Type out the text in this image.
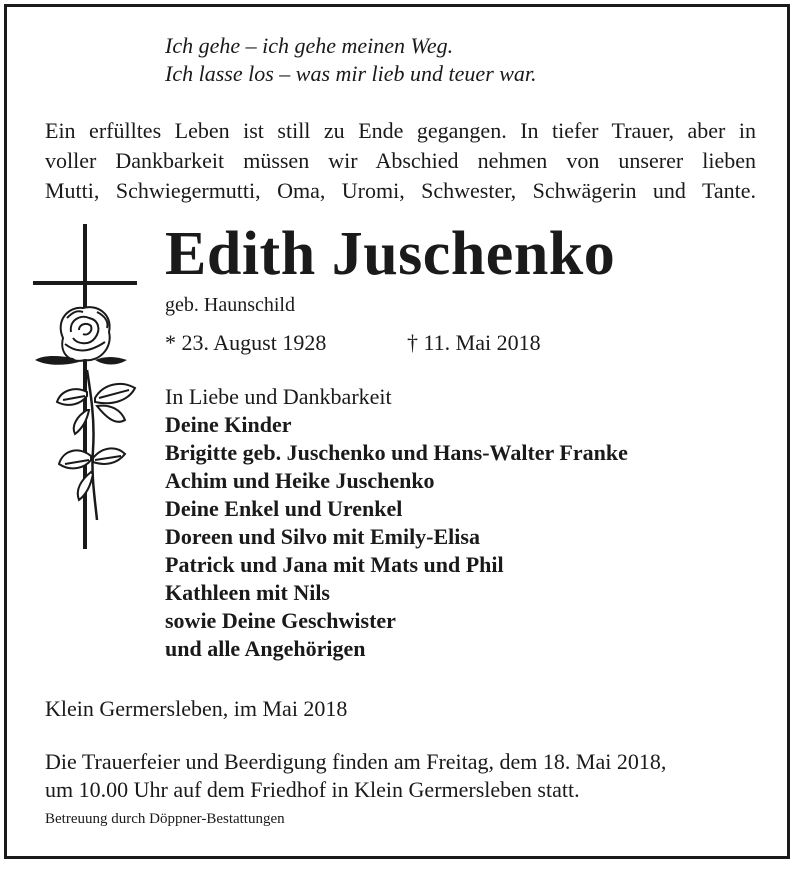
Ich gehe – ich gehe meinen Weg.
Ich lasse los – was mir lieb und teuer war.
Ein erfülltes Leben ist still zu Ende gegangen. In tiefer Trauer, aber in
voller Dankbarkeit müssen wir Abschied nehmen von unserer lieben
Mutti, Schwiegermutti, Oma, Uromi, Schwester, Schwägerin und Tante.
Edith Juschenko
geb. Haunschild
* 23. August 1928	† 11. Mai 2018
In Liebe und Dankbarkeit
Deine Kinder
Brigitte geb. Juschenko und Hans-Walter Franke
Achim und Heike Juschenko
Deine Enkel und Urenkel
Doreen und Silvo mit Emily-Elisa
Patrick und Jana mit Mats und Phil
Kathleen mit Nils
sowie Deine Geschwister
und alle Angehörigen
Klein Germersleben, im Mai 2018
Die Trauerfeier und Beerdigung finden am Freitag, dem 18. Mai 2018,
um 10.00 Uhr auf dem Friedhof in Klein Germersleben statt.
Betreuung durch Döppner-Bestattungen
